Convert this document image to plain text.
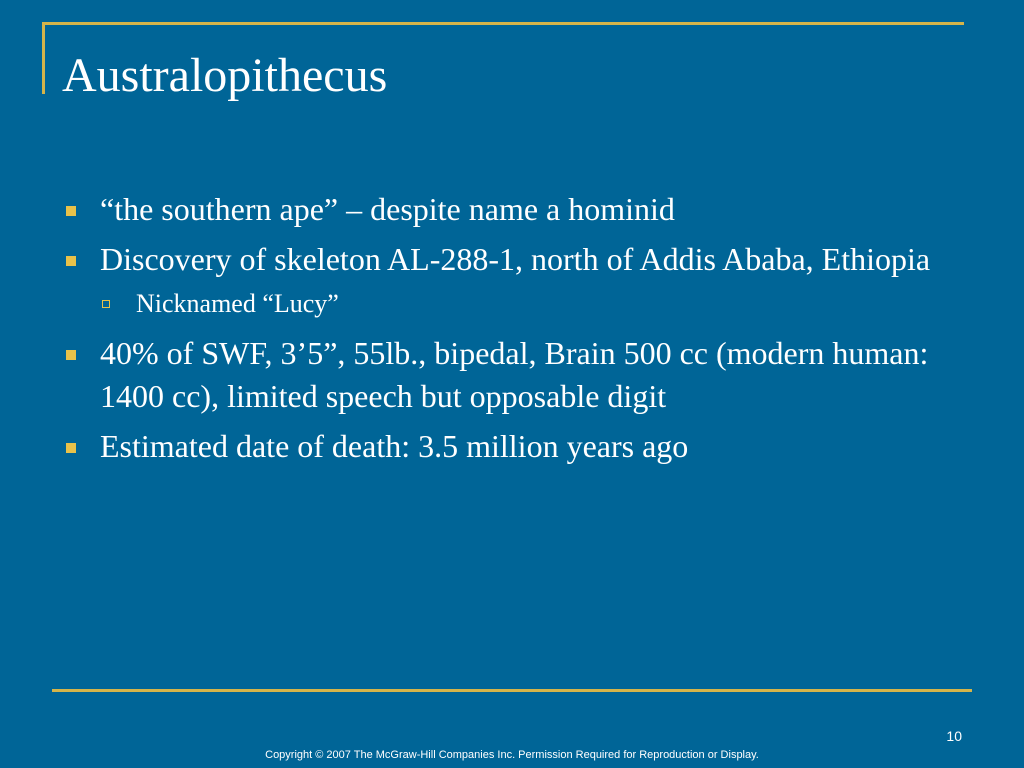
Australopithecus
“the southern ape” – despite name a hominid
Discovery of skeleton AL-288-1, north of Addis Ababa, Ethiopia
Nicknamed “Lucy”
40% of SWF, 3’5”, 55lb., bipedal, Brain 500 cc (modern human: 1400 cc), limited speech but opposable digit
Estimated date of death: 3.5 million years ago
10
Copyright © 2007 The McGraw-Hill Companies Inc. Permission Required for Reproduction or Display.
